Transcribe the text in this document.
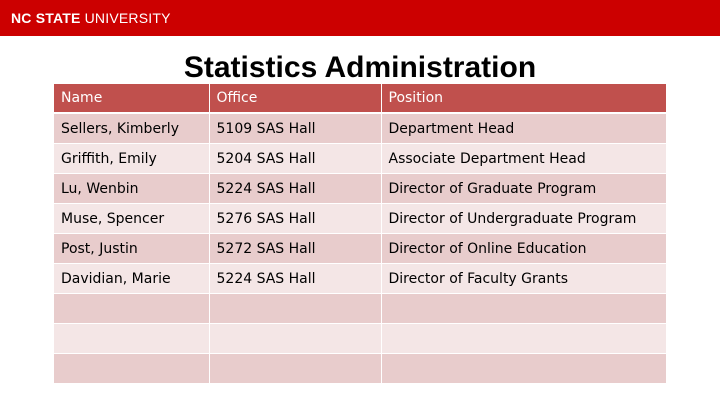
NC STATE UNIVERSITY
Statistics Administration
Name	Office	Position
Sellers, Kimberly	5109 SAS Hall	Department Head
Griffith, Emily	5204 SAS Hall	Associate Department Head
Lu, Wenbin	5224 SAS Hall	Director of Graduate Program
Muse, Spencer	5276 SAS Hall	Director of Undergraduate Program
Post, Justin	5272 SAS Hall	Director of Online Education
Davidian, Marie	5224 SAS Hall	Director of Faculty Grants
